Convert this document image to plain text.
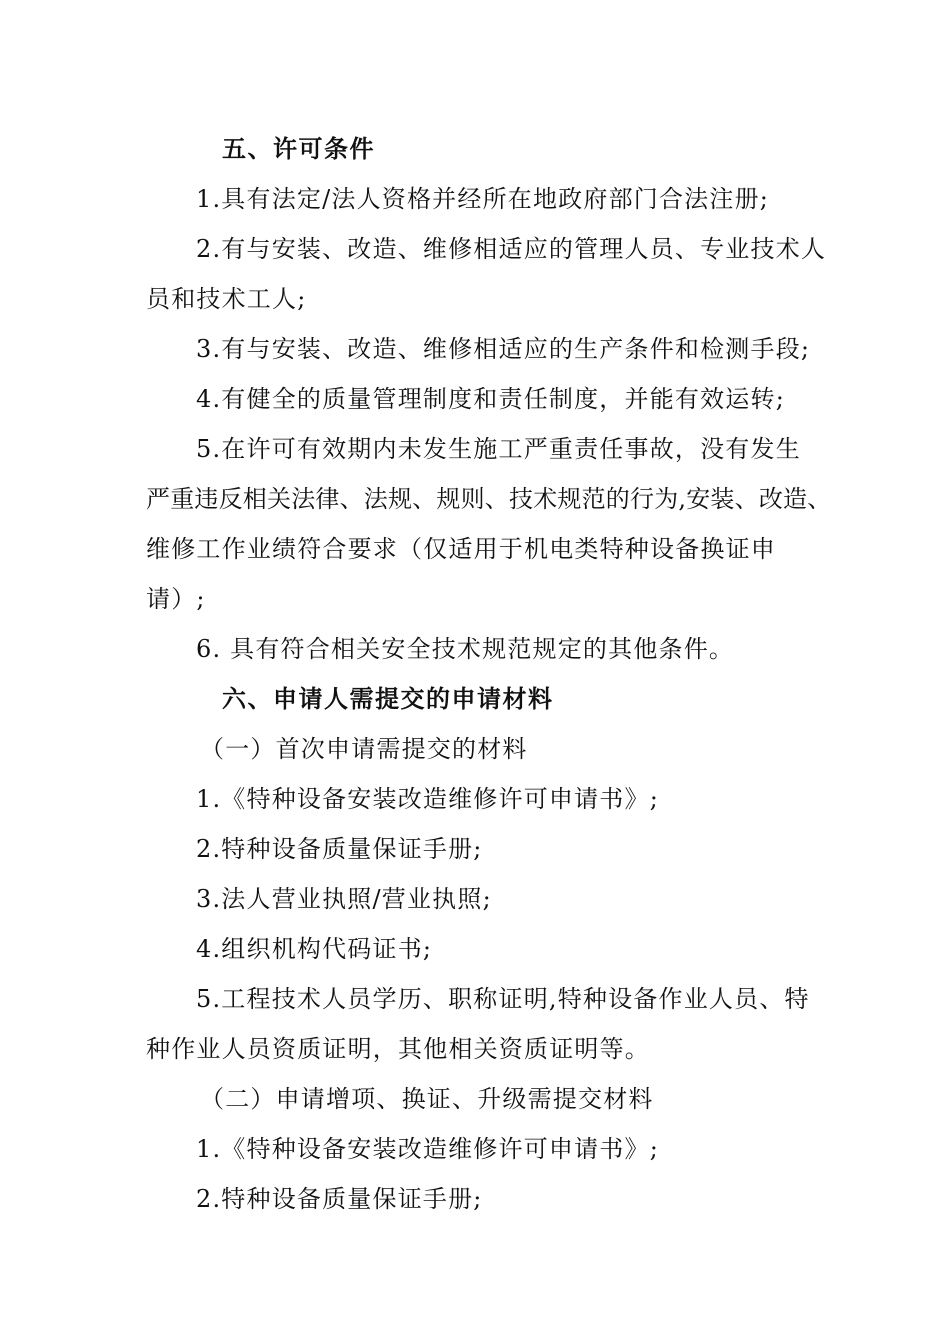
五、许可条件
1.具有法定/法人资格并经所在地政府部门合法注册;
2.有与安装、改造、维修相适应的管理人员、专业技术人
员和技术工人;
3.有与安装、改造、维修相适应的生产条件和检测手段;
4.有健全的质量管理制度和责任制度，并能有效运转;
5.在许可有效期内未发生施工严重责任事故，没有发生
严重违反相关法律、法规、规则、技术规范的行为,安装、改造、
维修工作业绩符合要求（仅适用于机电类特种设备换证申
请）;
6. 具有符合相关安全技术规范规定的其他条件。
六、申请人需提交的申请材料
（一）首次申请需提交的材料
1.《特种设备安装改造维修许可申请书》;
2.特种设备质量保证手册;
3.法人营业执照/营业执照;
4.组织机构代码证书;
5.工程技术人员学历、职称证明,特种设备作业人员、特
种作业人员资质证明，其他相关资质证明等。
（二）申请增项、换证、升级需提交材料
1.《特种设备安装改造维修许可申请书》;
2.特种设备质量保证手册;
